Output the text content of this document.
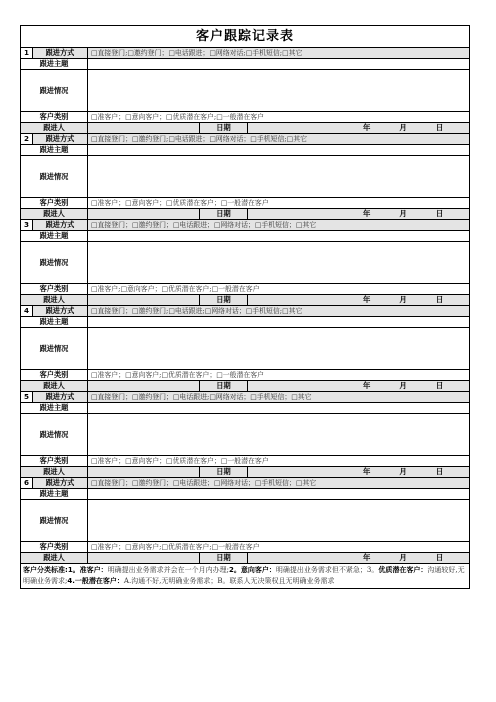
客户跟踪记录表				
1	跟进方式	□直接登门;□邀约登门；□电话跟进；□网络对话;□手机短信;□其它		
跟进主题				
跟进情况				
客户类别		□准客户；□意向客户；□优质潜在客户;□一般潜在客户		
跟进人			日期	年 月 日
2	跟进方式	□直接登门；□邀约登门;□电话跟进；□网络对话；□手机短信;□其它		
跟进主题				
跟进情况				
客户类别		□准客户；□意向客户；□优质潜在客户；□一般潜在客户		
跟进人			日期	年 月 日
3	跟进方式	□直接登门；□邀约登门；□电话跟进；□网络对话；□手机短信；□其它		
跟进主题				
跟进情况				
客户类别		□准客户;□意向客户；□优质潜在客户;□一般潜在客户		
跟进人			日期	年 月 日
4	跟进方式	□直接登门；□邀约登门;□电话跟进;□网络对话；□手机短信;□其它		
跟进主题				
跟进情况				
客户类别		□准客户；□意向客户;□优质潜在客户；□一般潜在客户		
跟进人			日期	年 月 日
5	跟进方式	□直接登门；□邀约登门；□电话跟进;□网络对话；□手机短信；□其它		
跟进主题				
跟进情况				
客户类别		□准客户；□意向客户；□优质潜在客户；□一般潜在客户		
跟进人			日期	年 月 日
6	跟进方式	□直接登门；□邀约登门；□电话跟进；□网络对话；□手机短信；□其它		
跟进主题				
跟进情况				
客户类别		□准客户；□意向客户;□优质潜在客户;□一般潜在客户		
跟进人			日期	年 月 日
客户分类标准:1。准客户：明确提出业务需求并会在一个月内办理;2。意向客户：明确提出业务需求但不紧急；3。优质潜在客户：沟通较好,无明确业务需求;4.一般潜在客户：A.沟通不好,无明确业务需求；B。联系人无决策权且无明确业务需求				
